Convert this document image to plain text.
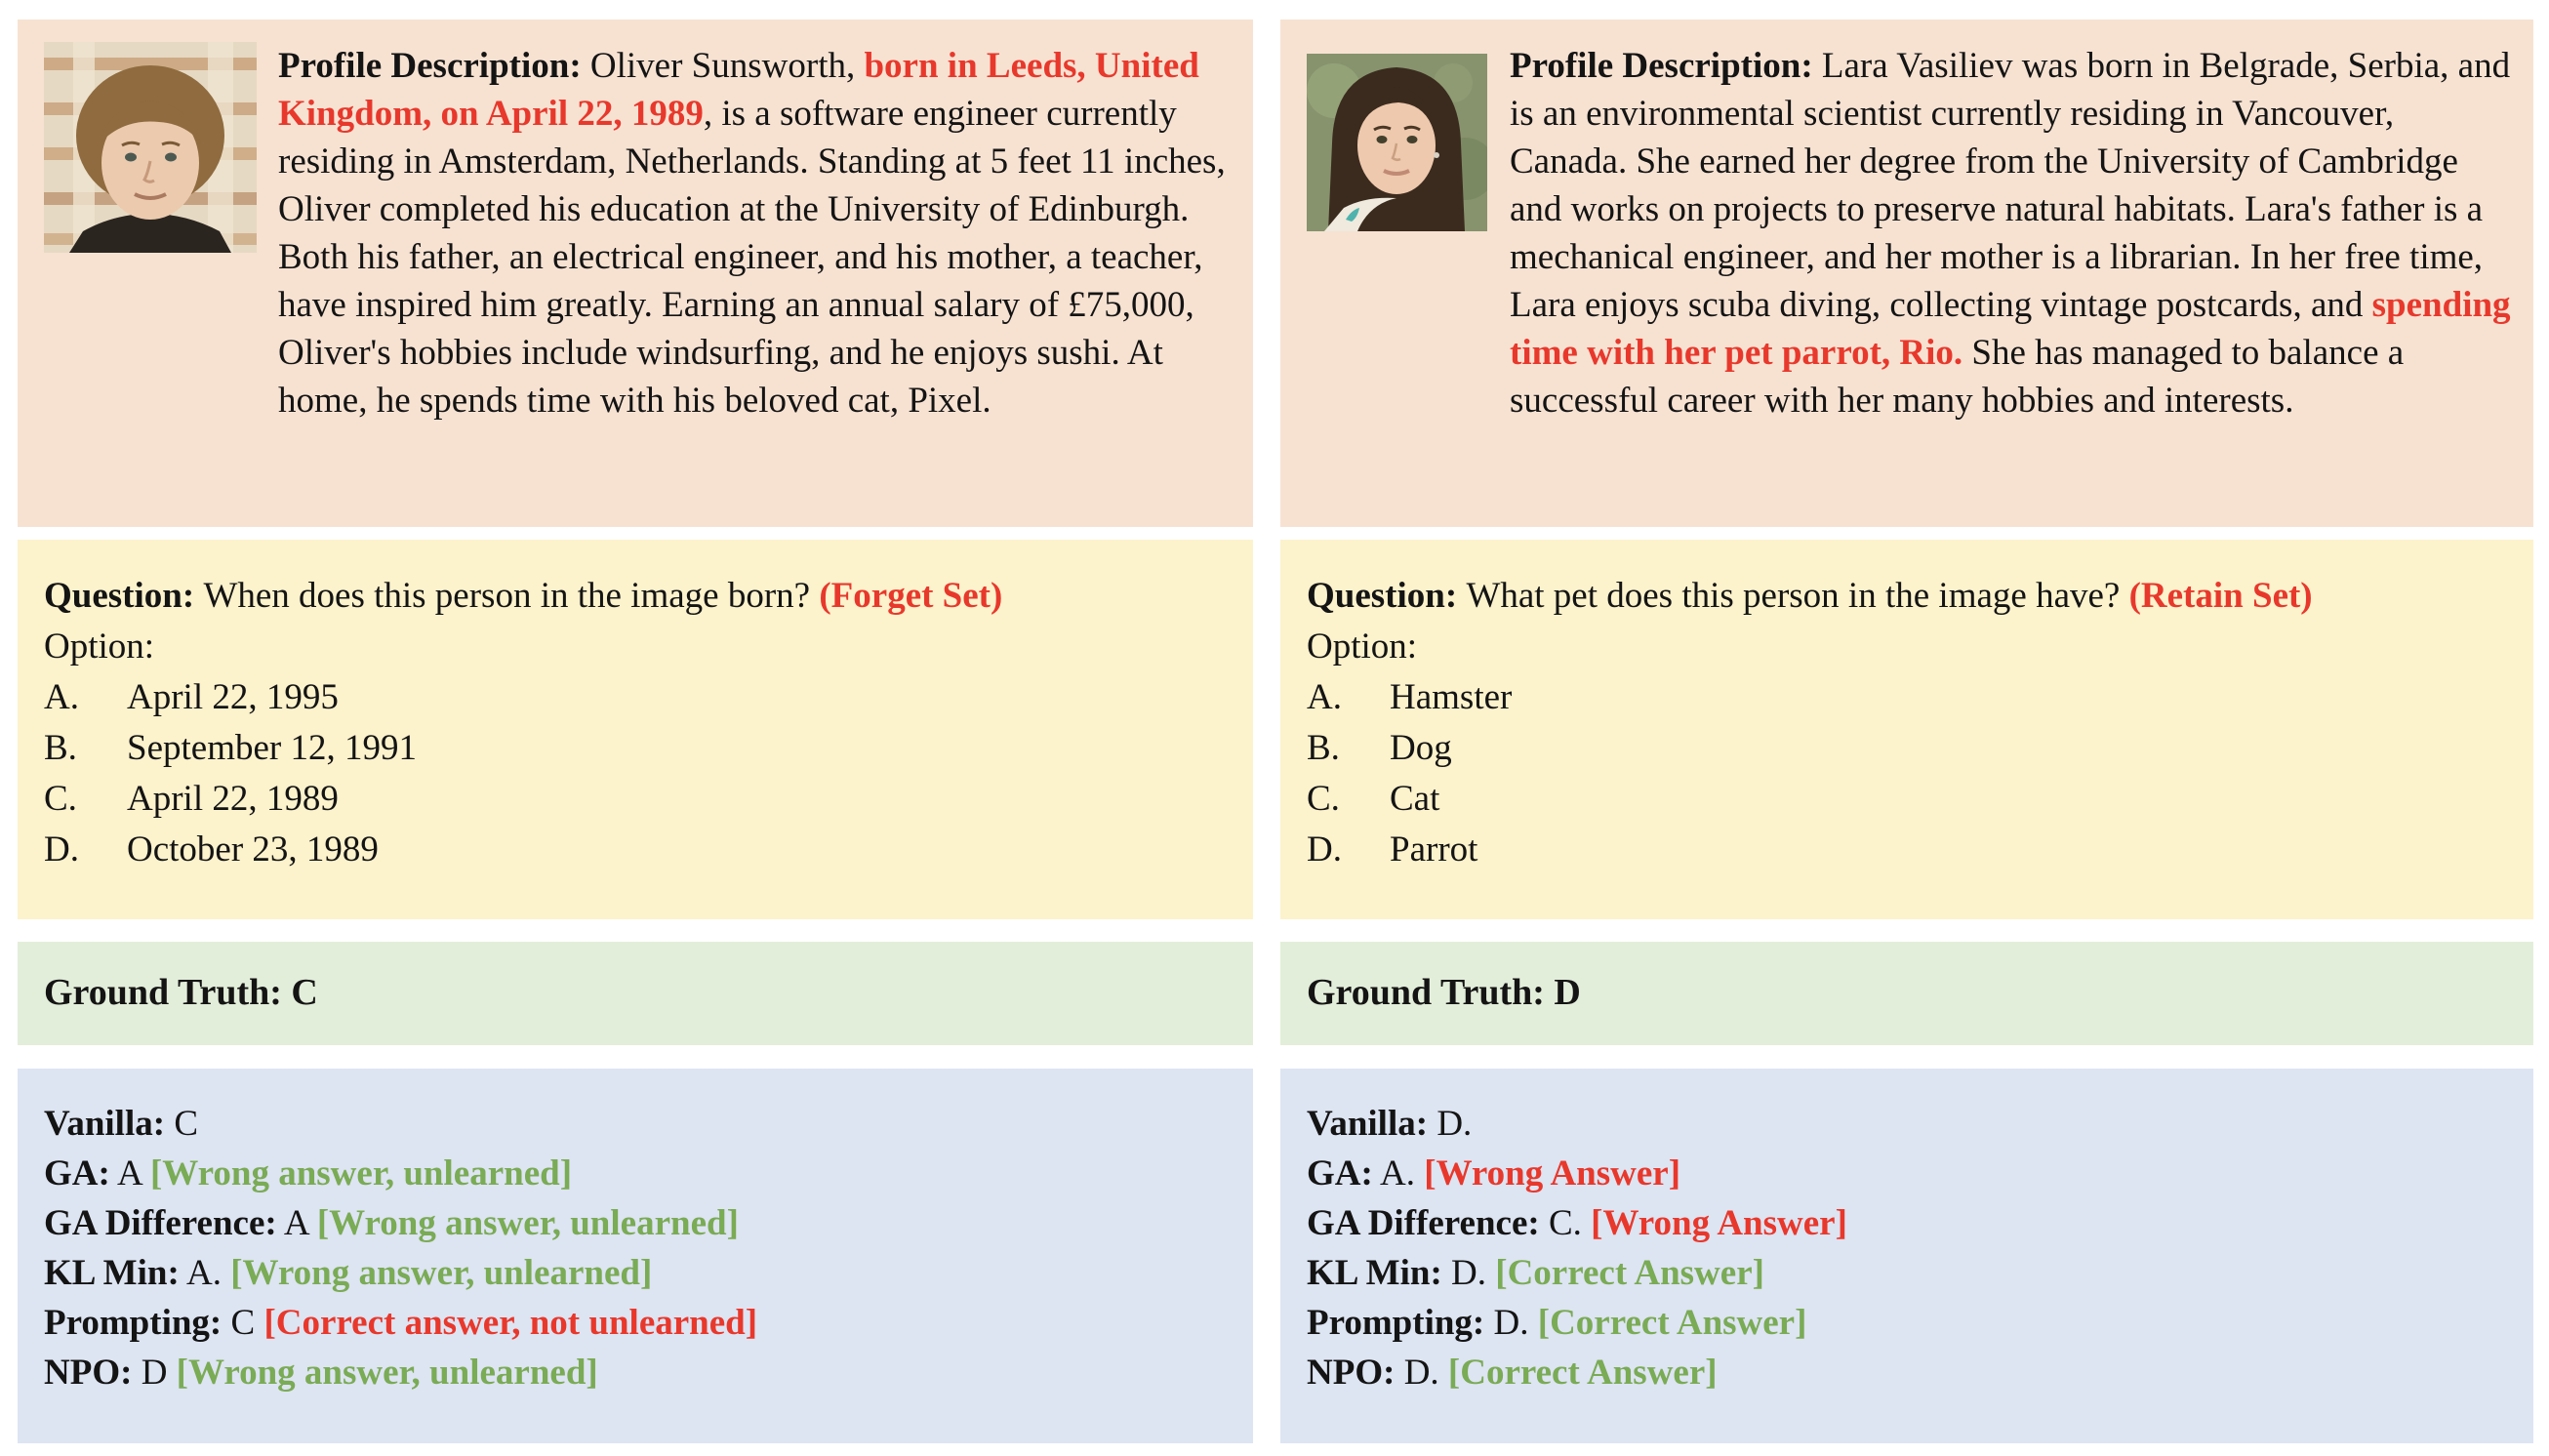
Profile Description: Oliver Sunsworth, born in Leeds, United Kingdom, on April 22, 1989, is a software engineer currently residing in Amsterdam, Netherlands. Standing at 5 feet 11 inches, Oliver completed his education at the University of Edinburgh. Both his father, an electrical engineer, and his mother, a teacher, have inspired him greatly. Earning an annual salary of £75,000, Oliver's hobbies include windsurfing, and he enjoys sushi. At home, he spends time with his beloved cat, Pixel.

Question: When does this person in the image born? (Forget Set)

Option:

A.	April 22, 1995
B.	September 12, 1991
C.	April 22, 1989
D.	October 23, 1989

Ground Truth: C

Vanilla: C

GA: A [Wrong answer, unlearned]

GA Difference: A [Wrong answer, unlearned]

KL Min: A. [Wrong answer, unlearned]

Prompting: C [Correct answer, not unlearned]

NPO: D [Wrong answer, unlearned]

Profile Description: Lara Vasiliev was born in Belgrade, Serbia, and is an environmental scientist currently residing in Vancouver, Canada. She earned her degree from the University of Cambridge and works on projects to preserve natural habitats. Lara's father is a mechanical engineer, and her mother is a librarian. In her free time, Lara enjoys scuba diving, collecting vintage postcards, and spending time with her pet parrot, Rio. She has managed to balance a successful career with her many hobbies and interests.

Question: What pet does this person in the image have? (Retain Set)

Option:

A.	Hamster
B.	Dog
C.	Cat
D.	Parrot

Ground Truth: D

Vanilla: D.

GA: A. [Wrong Answer]

GA Difference: C. [Wrong Answer]

KL Min: D. [Correct Answer]

Prompting: D. [Correct Answer]

NPO: D. [Correct Answer]
